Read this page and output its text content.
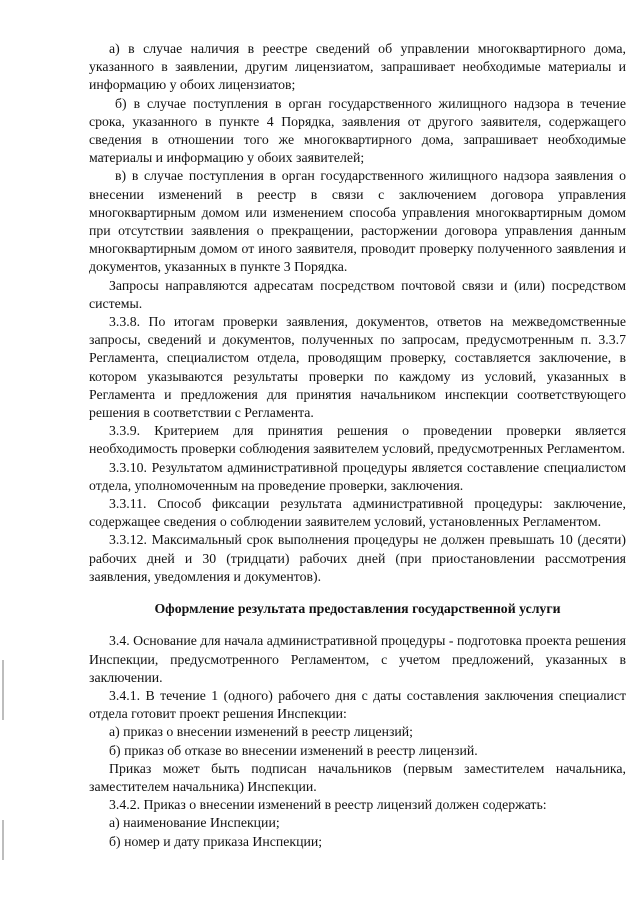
а) в случае наличия в реестре сведений об управлении многоквартирного дома, указанного в заявлении, другим лицензиатом, запрашивает необходимые материалы и информацию у обоих лицензиатов;

б) в случае поступления в орган государственного жилищного надзора в течение срока, указанного в пункте 4 Порядка, заявления от другого заявителя, содержащего сведения в отношении того же многоквартирного дома, запрашивает необходимые материалы и информацию у обоих заявителей;

в) в случае поступления в орган государственного жилищного надзора заявления о внесении изменений в реестр в связи с заключением договора управления многоквартирным домом или изменением способа управления многоквартирным домом при отсутствии заявления о прекращении, расторжении договора управления данным многоквартирным домом от иного заявителя, проводит проверку полученного заявления и документов, указанных в пункте 3 Порядка.

Запросы направляются адресатам посредством почтовой связи и (или) посредством системы.

3.3.8. По итогам проверки заявления, документов, ответов на межведомственные запросы, сведений и документов, полученных по запросам, предусмотренным п. 3.3.7 Регламента, специалистом отдела, проводящим проверку, составляется заключение, в котором указываются результаты проверки по каждому из условий, указанных в Регламента и предложения для принятия начальником инспекции соответствующего решения в соответствии с Регламента.

3.3.9. Критерием для принятия решения о проведении проверки является необходимость проверки соблюдения заявителем условий, предусмотренных Регламентом.

3.3.10. Результатом административной процедуры является составление специалистом отдела, уполномоченным на проведение проверки, заключения.

3.3.11. Способ фиксации результата административной процедуры: заключение, содержащее сведения о соблюдении заявителем условий, установленных Регламентом.

3.3.12. Максимальный срок выполнения процедуры не должен превышать 10 (десяти) рабочих дней и 30 (тридцати) рабочих дней (при приостановлении рассмотрения заявления, уведомления и документов).

Оформление результата предоставления государственной услуги

3.4. Основание для начала административной процедуры - подготовка проекта решения Инспекции, предусмотренного Регламентом, с учетом предложений, указанных в заключении.

3.4.1. В течение 1 (одного) рабочего дня с даты составления заключения специалист отдела готовит проект решения Инспекции:

а) приказ о внесении изменений в реестр лицензий;

б) приказ об отказе во внесении изменений в реестр лицензий.

Приказ может быть подписан начальников (первым заместителем начальника, заместителем начальника) Инспекции.

3.4.2. Приказ о внесении изменений в реестр лицензий должен содержать:

а) наименование Инспекции;

б) номер и дату приказа Инспекции;
